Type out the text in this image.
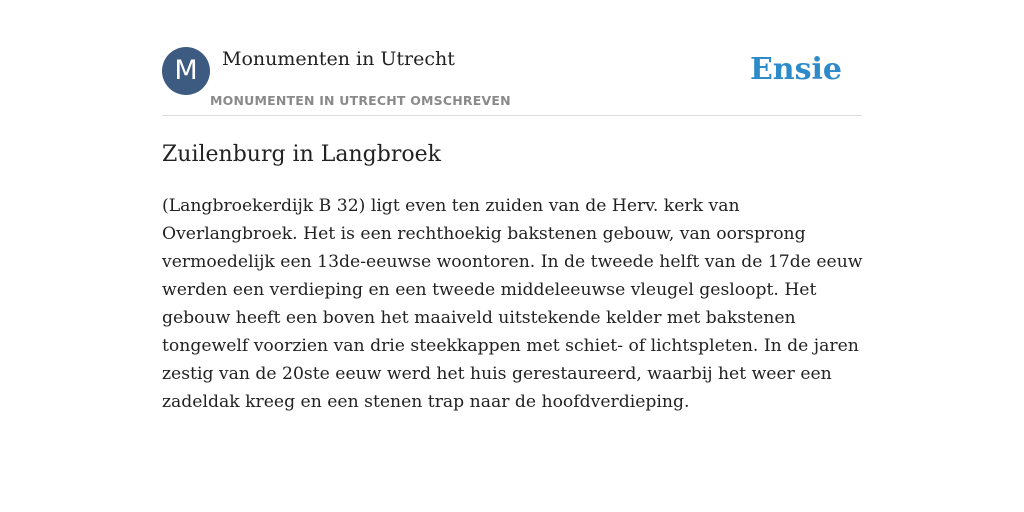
M	Monumenten in Utrecht
MONUMENTEN IN UTRECHT OMSCHREVEN
Ensie
Zuilenburg in Langbroek

(Langbroekerdijk B 32) ligt even ten zuiden van de Herv. kerk van Overlangbroek. Het is een rechthoekig bakstenen gebouw, van oorsprong vermoedelijk een 13de-eeuwse woontoren. In de tweede helft van de 17de eeuw werden een verdieping en een tweede middeleeuwse vleugel gesloopt. Het gebouw heeft een boven het maaiveld uitstekende kelder met bakstenen tongewelf voorzien van drie steekkappen met schiet- of lichtspleten. In de jaren zestig van de 20ste eeuw werd het huis gerestaureerd, waarbij het weer een zadeldak kreeg en een stenen trap naar de hoofdverdieping.
